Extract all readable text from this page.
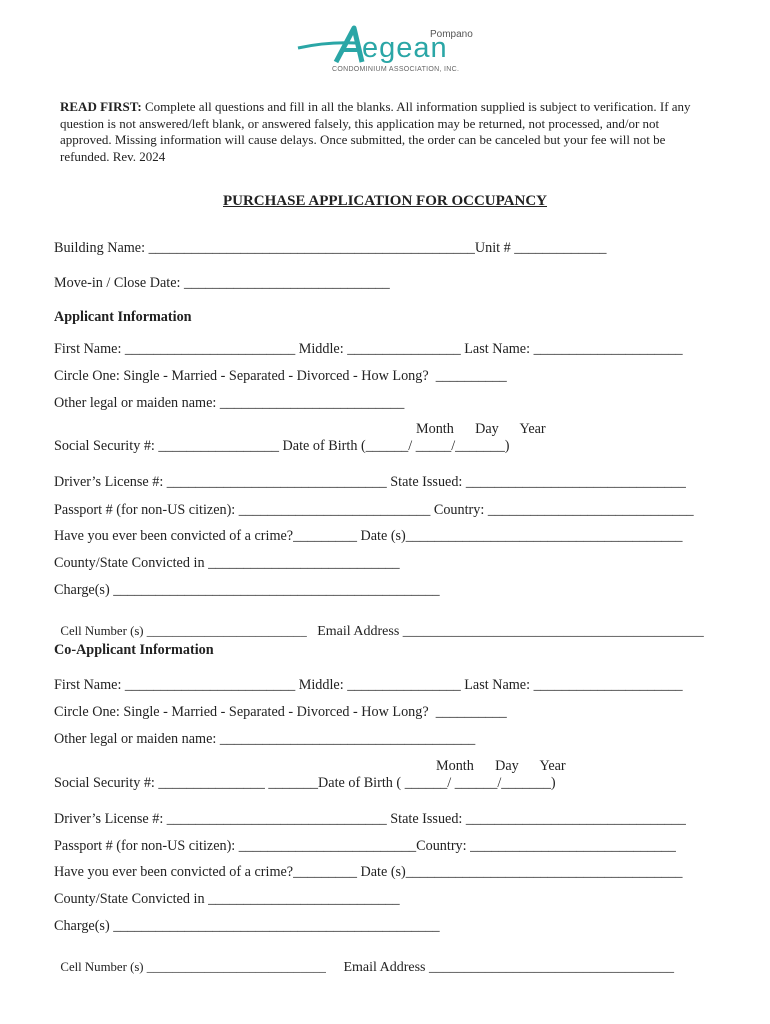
Pompano
egean
CONDOMINIUM ASSOCIATION, INC.
READ FIRST: Complete all questions and fill in all the blanks. All information supplied is subject to verification. If any question is not answered/left blank, or answered falsely, this application may be returned, not processed, and/or not approved. Missing information will cause delays. Once submitted, the order can be canceled but your fee will not be refunded. Rev. 2024
PURCHASE APPLICATION FOR OCCUPANCY
Building Name: ______________________________________________Unit # _____________
Move-in / Close Date: _____________________________
Applicant Information
First Name: ________________________ Middle: ________________ Last Name: _____________________
Circle One: Single - Married - Separated - Divorced - How Long?  __________
Other legal or maiden name: __________________________
Month      Day      Year
Social Security #: _________________ Date of Birth (______/ _____/_______)
Driver’s License #: _______________________________ State Issued: _______________________________
Passport # (for non-US citizen): ___________________________ Country: _____________________________
Have you ever been convicted of a crime?_________ Date (s)_______________________________________
County/State Convicted in ___________________________
Charge(s) ______________________________________________

Cell Number (s) _________________________   Email Address ___________________________________________

Co-Applicant Information
First Name: ________________________ Middle: ________________ Last Name: _____________________
Circle One: Single - Married - Separated - Divorced - How Long?  __________
Other legal or maiden name: ____________________________________
Month      Day      Year
Social Security #: _______________ _______Date of Birth ( ______/ ______/_______)
Driver’s License #: _______________________________ State Issued: _______________________________
Passport # (for non-US citizen): _________________________Country: _____________________________
Have you ever been convicted of a crime?_________ Date (s)_______________________________________
County/State Convicted in ___________________________
Charge(s) ______________________________________________

Cell Number (s) ____________________________     Email Address ___________________________________
